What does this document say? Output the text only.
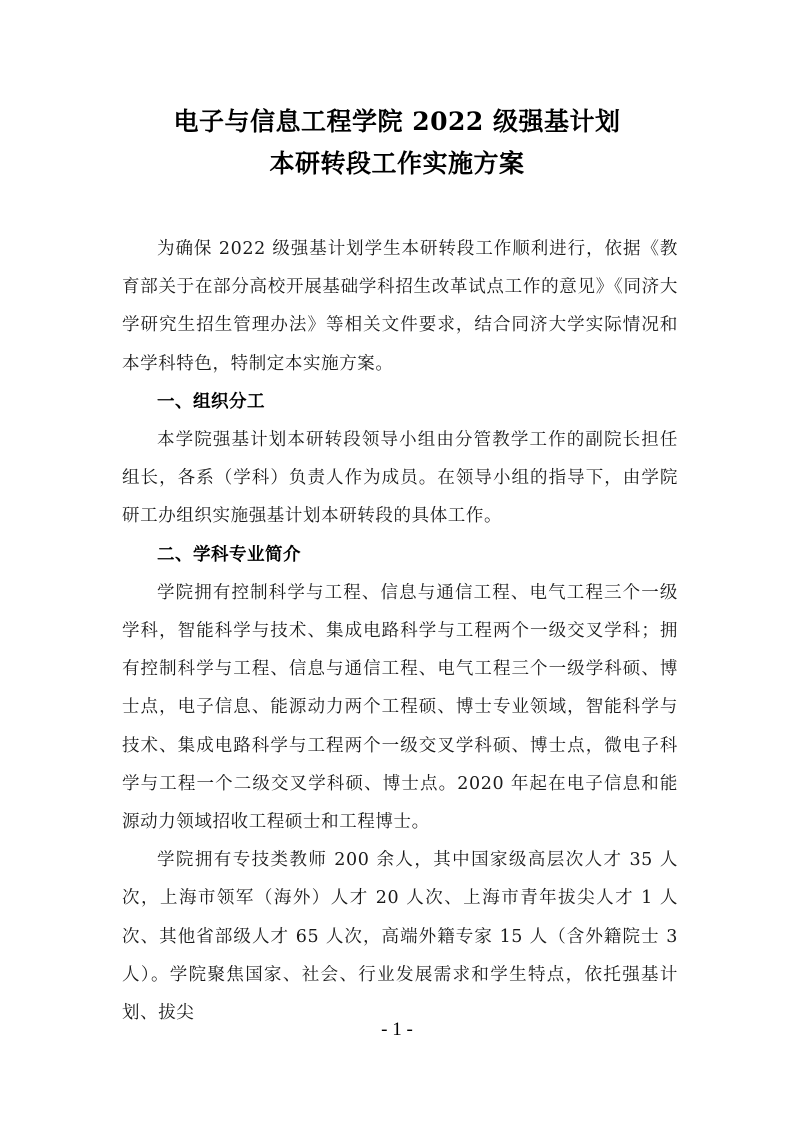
电子与信息工程学院 2022 级强基计划
本研转段工作实施方案

为确保 2022 级强基计划学生本研转段工作顺利进行，依据《教育部关于在部分高校开展基础学科招生改革试点工作的意见》《同济大学研究生招生管理办法》等相关文件要求，结合同济大学实际情况和本学科特色，特制定本实施方案。

一、组织分工

本学院强基计划本研转段领导小组由分管教学工作的副院长担任组长，各系（学科）负责人作为成员。在领导小组的指导下，由学院研工办组织实施强基计划本研转段的具体工作。

二、学科专业简介

学院拥有控制科学与工程、信息与通信工程、电气工程三个一级学科，智能科学与技术、集成电路科学与工程两个一级交叉学科；拥有控制科学与工程、信息与通信工程、电气工程三个一级学科硕、博士点，电子信息、能源动力两个工程硕、博士专业领域，智能科学与技术、集成电路科学与工程两个一级交叉学科硕、博士点，微电子科学与工程一个二级交叉学科硕、博士点。2020 年起在电子信息和能源动力领域招收工程硕士和工程博士。

学院拥有专技类教师 200 余人，其中国家级高层次人才 35 人次，上海市领军（海外）人才 20 人次、上海市青年拔尖人才 1 人次、其他省部级人才 65 人次，高端外籍专家 15 人（含外籍院士 3 人）。学院聚焦国家、社会、行业发展需求和学生特点，依托强基计划、拔尖

- 1 -
